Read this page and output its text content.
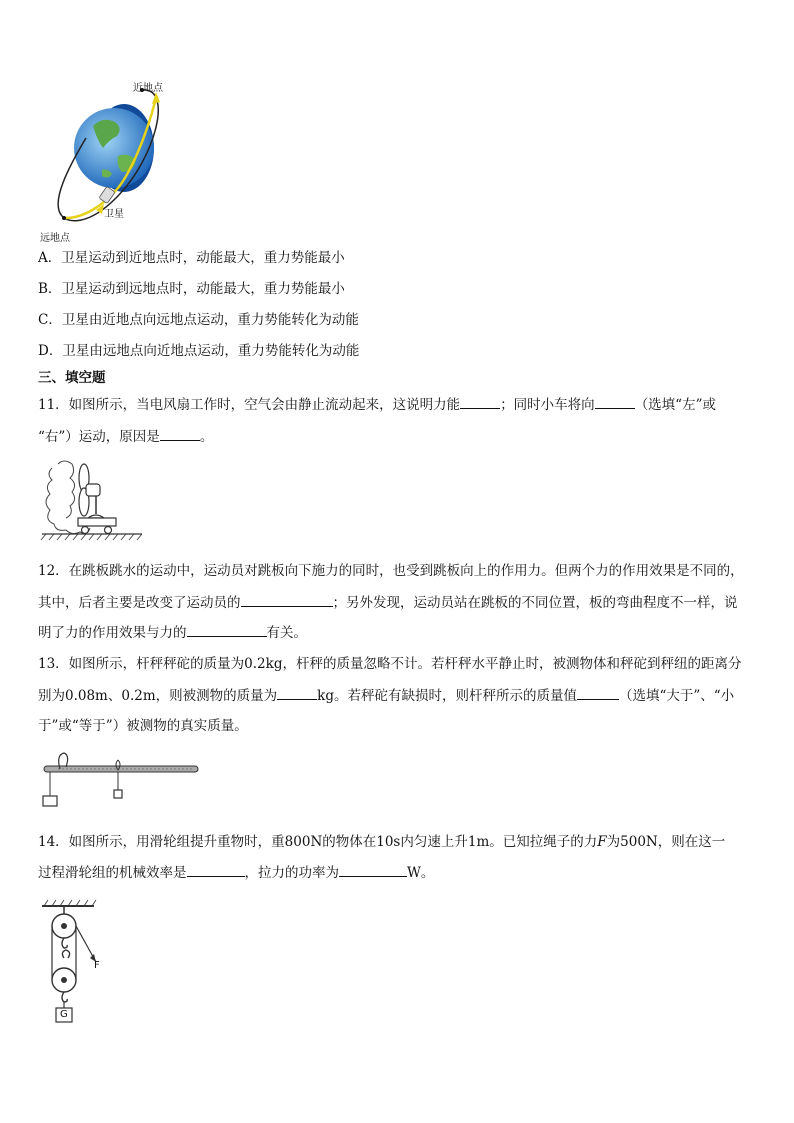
近地点
卫星
远地点
A．卫星运动到近地点时，动能最大，重力势能最小
B．卫星运动到远地点时，动能最大，重力势能最小
C．卫星由近地点向远地点运动，重力势能转化为动能
D．卫星由远地点向近地点运动，重力势能转化为动能
三、填空题
11．如图所示，当电风扇工作时，空气会由静止流动起来，这说明力能	；同时小车将向	（选填“左”或
“右”）运动，原因是	。
12．在跳板跳水的运动中，运动员对跳板向下施力的同时，也受到跳板向上的作用力。但两个力的作用效果是不同的，
其中，后者主要是改变了运动员的	；另外发现，运动员站在跳板的不同位置，板的弯曲程度不一样，说
明了力的作用效果与力的	有关。
13．如图所示，杆秤秤砣的质量为0.2kg，杆秤的质量忽略不计。若杆秤水平静止时，被测物体和秤砣到秤纽的距离分
别为0.08m、0.2m，则被测物的质量为	kg。若秤砣有缺损时，则杆秤所示的质量值	（选填“大于”、“小
于”或“等于”）被测物的真实质量。
14．如图所示，用滑轮组提升重物时，重800N的物体在10s内匀速上升1m。已知拉绳子的力F为500N，则在这一
过程滑轮组的机械效率是	，拉力的功率为	W。
F
G
